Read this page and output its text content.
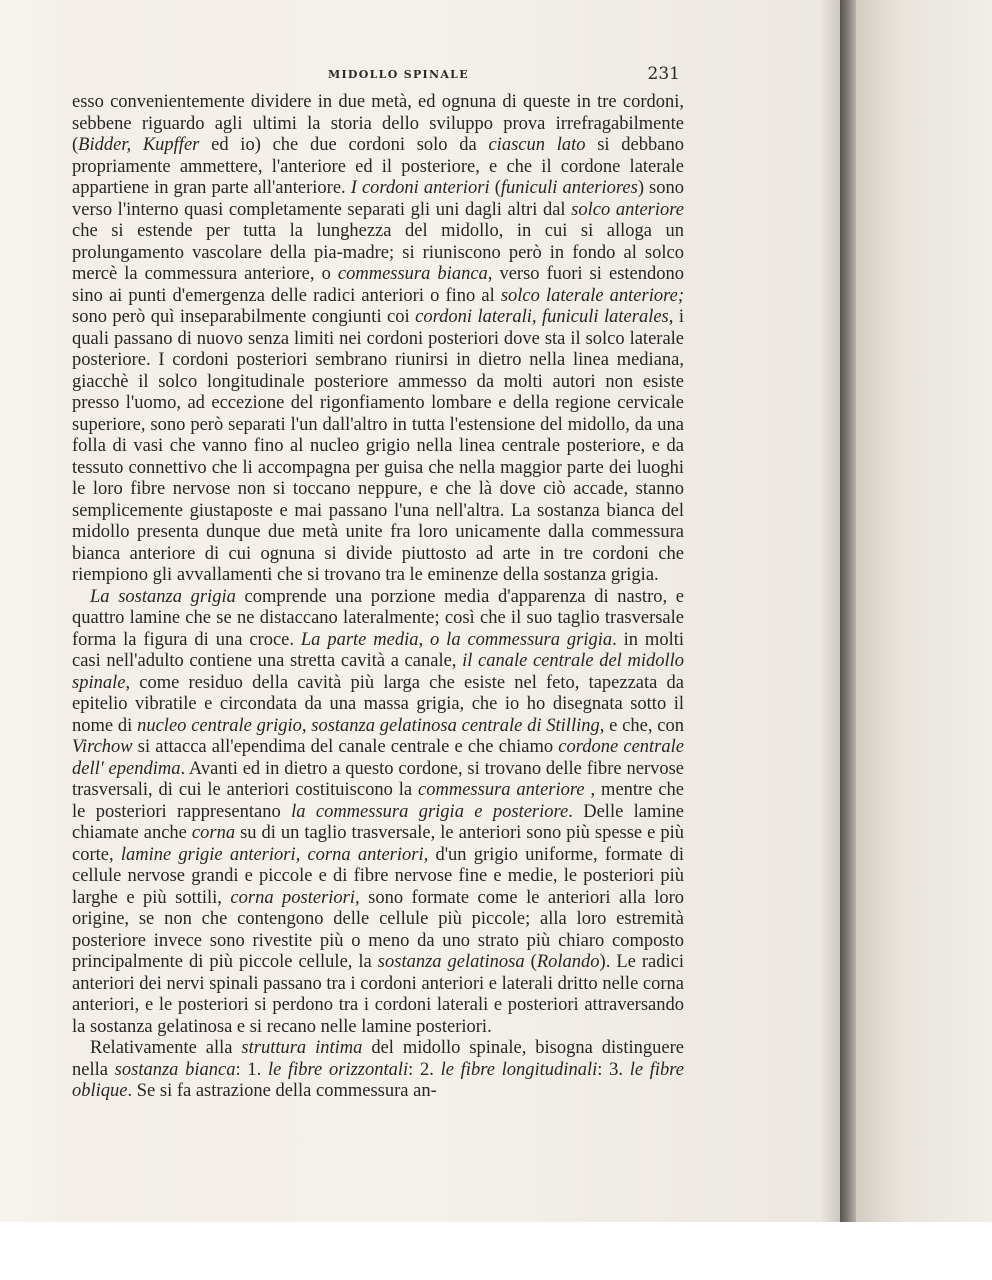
MIDOLLO SPINALE	231

esso convenientemente dividere in due metà, ed ognuna di queste in tre cordoni, sebbene riguardo agli ultimi la storia dello sviluppo prova irrefragabilmente (Bidder, Kupffer ed io) che due cordoni solo da ciascun lato si debbano propriamente ammettere, l'anteriore ed il posteriore, e che il cordone laterale appartiene in gran parte all'anteriore. I cordoni anteriori (funiculi anteriores) sono verso l'interno quasi completamente separati gli uni dagli altri dal solco anteriore che si estende per tutta la lunghezza del midollo, in cui si alloga un prolungamento vascolare della pia-madre; si riuniscono però in fondo al solco mercè la commessura anteriore, o commessura bianca, verso fuori si estendono sino ai punti d'emergenza delle radici anteriori o fino al solco laterale anteriore; sono però quì inseparabilmente congiunti coi cordoni laterali, funiculi laterales, i quali passano di nuovo senza limiti nei cordoni posteriori dove sta il solco laterale posteriore. I cordoni posteriori sembrano riunirsi in dietro nella linea mediana, giacchè il solco longitudinale posteriore ammesso da molti autori non esiste presso l'uomo, ad eccezione del rigonfiamento lombare e della regione cervicale superiore, sono però separati l'un dall'altro in tutta l'estensione del midollo, da una folla di vasi che vanno fino al nucleo grigio nella linea centrale posteriore, e da tessuto connettivo che li accompagna per guisa che nella maggior parte dei luoghi le loro fibre nervose non si toccano neppure, e che là dove ciò accade, stanno semplicemente giustaposte e mai passano l'una nell'altra. La sostanza bianca del midollo presenta dunque due metà unite fra loro unicamente dalla commessura bianca anteriore di cui ognuna si divide piuttosto ad arte in tre cordoni che riempiono gli avvallamenti che si trovano tra le eminenze della sostanza grigia.

La sostanza grigia comprende una porzione media d'apparenza di nastro, e quattro lamine che se ne distaccano lateralmente; così che il suo taglio trasversale forma la figura di una croce. La parte media, o la commessura grigia. in molti casi nell'adulto contiene una stretta cavità a canale, il canale centrale del midollo spinale, come residuo della cavità più larga che esiste nel feto, tapezzata da epitelio vibratile e circondata da una massa grigia, che io ho disegnata sotto il nome di nucleo centrale grigio, sostanza gelatinosa centrale di Stilling, e che, con Virchow si attacca all'ependima del canale centrale e che chiamo cordone centrale dell' ependima. Avanti ed in dietro a questo cordone, si trovano delle fibre nervose trasversali, di cui le anteriori costituiscono la commessura anteriore , mentre che le posteriori rappresentano la commessura grigia e posteriore. Delle lamine chiamate anche corna su di un taglio trasversale, le anteriori sono più spesse e più corte, lamine grigie anteriori, corna anteriori, d'un grigio uniforme, formate di cellule nervose grandi e piccole e di fibre nervose fine e medie, le posteriori più larghe e più sottili, corna posteriori, sono formate come le anteriori alla loro origine, se non che contengono delle cellule più piccole; alla loro estremità posteriore invece sono rivestite più o meno da uno strato più chiaro composto principalmente di più piccole cellule, la sostanza gelatinosa (Rolando). Le radici anteriori dei nervi spinali passano tra i cordoni anteriori e laterali dritto nelle corna anteriori, e le posteriori si perdono tra i cordoni laterali e posteriori attraversando la sostanza gelatinosa e si recano nelle lamine posteriori.

Relativamente alla struttura intima del midollo spinale, bisogna distinguere nella sostanza bianca: 1. le fibre orizzontali: 2. le fibre longitudinali: 3. le fibre oblique. Se si fa astrazione della commessura an-
